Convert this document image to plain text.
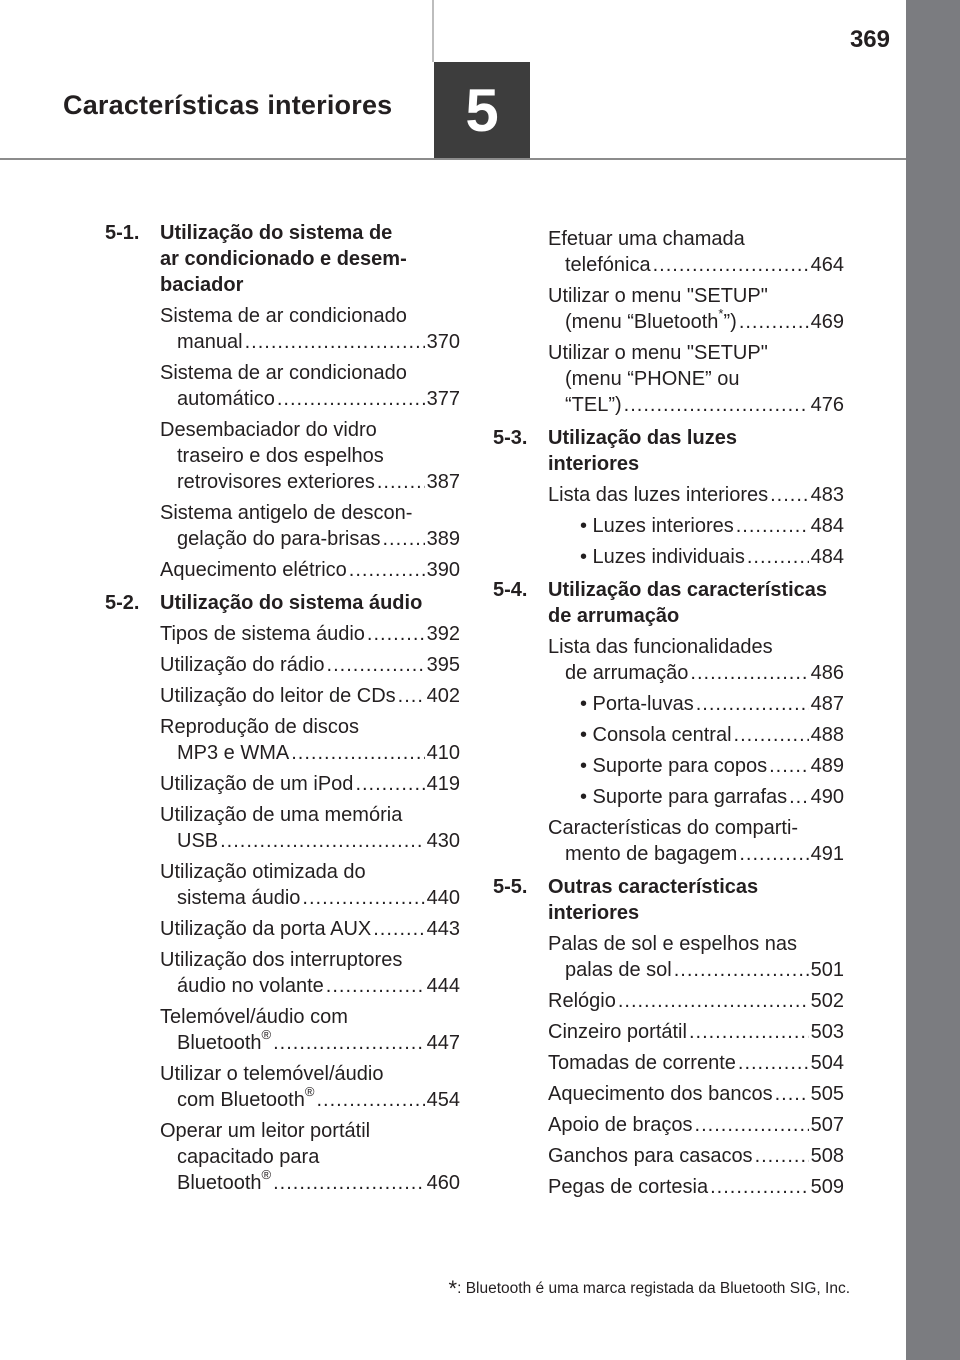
369
Características interiores	5
5-1. Utilização do sistema de
ar condicionado e desem-
baciador
Sistema de ar condicionado
manual .....	370
Sistema de ar condicionado
automático .....	377
Desembaciador do vidro
traseiro e dos espelhos
retrovisores exteriores .....	387
Sistema antigelo de descon-
gelação do para-brisas ..... 389
Aquecimento elétrico .....	390
5-2. Utilização do sistema áudio
Tipos de sistema áudio .....	392
Utilização do rádio .....	395
Utilização do leitor de CDs ..... 402
Reprodução de discos
MP3 e WMA .....	410
Utilização de um iPod .....	419
Utilização de uma memória
USB .....	430
Utilização otimizada do
sistema áudio .....	440
Utilização da porta AUX .....	443
Utilização dos interruptores
áudio no volante .....	444
Telemóvel/áudio com
Bluetooth® .....	447
Utilizar o telemóvel/áudio
com Bluetooth® .....	454
Operar um leitor portátil
capacitado para
Bluetooth® .....	460
Efetuar uma chamada
telefónica .....	464
Utilizar o menu "SETUP"
(menu “Bluetooth*”) .....	469
Utilizar o menu "SETUP"
(menu “PHONE” ou
“TEL”) .....	476
5-3. Utilização das luzes
interiores
Lista das luzes interiores ..... 483
• Luzes interiores .....	484
• Luzes individuais .....	484
5-4. Utilização das características
de arrumação
Lista das funcionalidades
de arrumação .....	486
• Porta-luvas .....	487
• Consola central .....	488
• Suporte para copos ..... 489
• Suporte para garrafas ..... 490
Características do comparti-
mento de bagagem .....	491
5-5. Outras características
interiores
Palas de sol e espelhos nas
palas de sol .....	501
Relógio .....	502
Cinzeiro portátil .....	503
Tomadas de corrente .....	504
Aquecimento dos bancos ..... 505
Apoio de braços .....	507
Ganchos para casacos .....	508
Pegas de cortesia .....	509
*: Bluetooth é uma marca registada da Bluetooth SIG, Inc.
